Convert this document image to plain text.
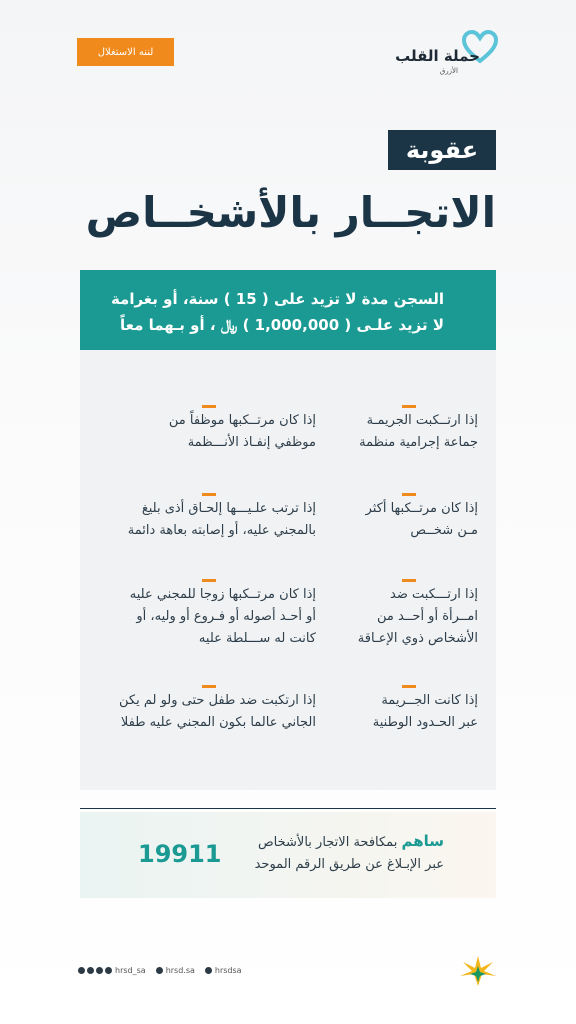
لننه الاستغلال	حملة القلب
الأزرق
عقوبة
الاتجــار بالأشخــاص
السجن مدة لا تزيد على ( 15 ) سنة، أو بغرامة
لا تزيد علـى ( 1,000,000 ) ﷼ ، أو بـهما معاً
إذا ارتــكبت الجريمـة
جماعة إجرامية منظمة
إذا كان مرتــكبها أكثر
مـن شخــص
إذا ارتـــكبت ضد
امــرأة أو أحــد من
الأشخاص ذوي الإعـاقة
إذا كانت الجــريمة
عبر الحـدود الوطنية
إذا كان مرتــكبها موظفاً من
موظفي إنفـاذ الأنـــظمة
إذا ترتب علـيـــها إلحـاق أذى بليغ
بالمجني عليه، أو إصابته بعاهة دائمة
إذا كان مرتــكبها زوجا للمجني عليه
أو أحـد أصوله أو فـروع أو وليه، أو
كانت له ســـلطة عليه
إذا ارتكبت ضد طفل حتى ولو لم يكن
الجاني عالما بكون المجني عليه طفلا
ساهم بمكافحة الاتجار بالأشخاص
عبر الإبـلاغ عن طريق الرقم الموحد
19911
hrsd_sa	hrsd.sa	hrsdsa
